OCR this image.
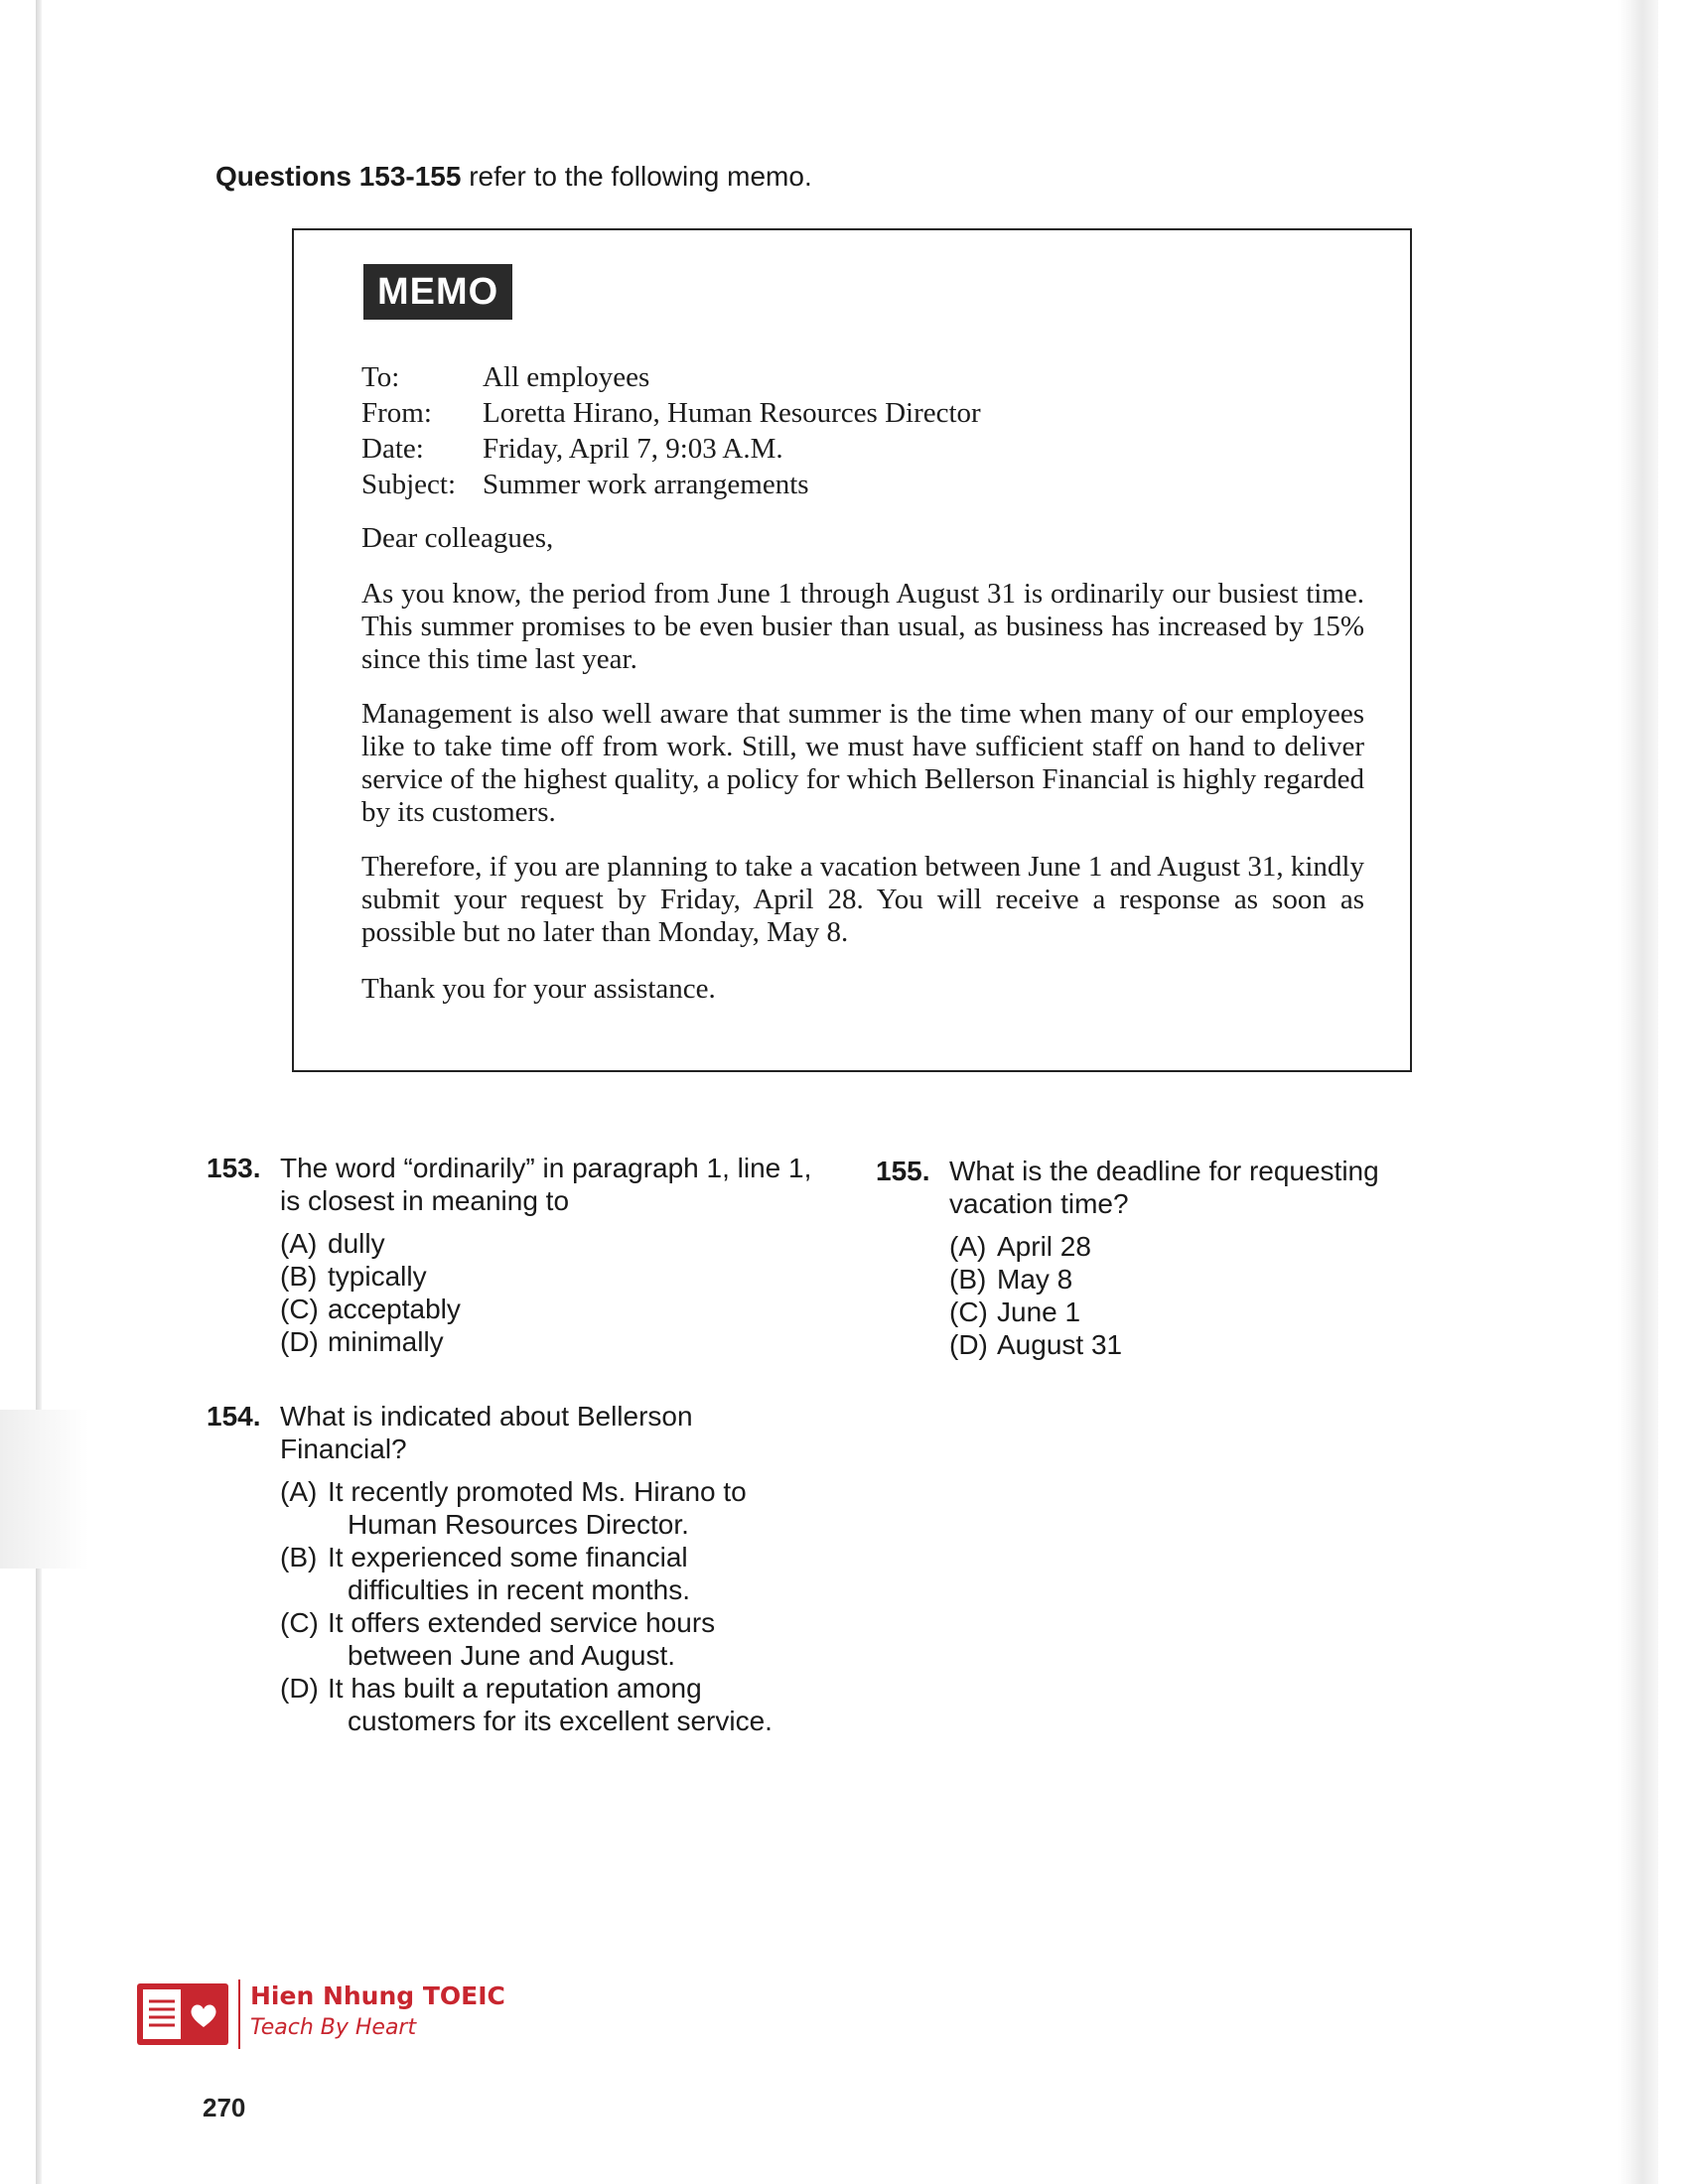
Questions 153-155 refer to the following memo.
MEMO
To:	All employees
From:	Loretta Hirano, Human Resources Director
Date:	Friday, April 7, 9:03 A.M.
Subject: Summer work arrangements
Dear colleagues,
As you know, the period from June 1 through August 31 is ordinarily our busiest time. This summer promises to be even busier than usual, as business has increased by 15% since this time last year.
Management is also well aware that summer is the time when many of our employees like to take time off from work. Still, we must have sufficient staff on hand to deliver service of the highest quality, a policy for which Bellerson Financial is highly regarded by its customers.
Therefore, if you are planning to take a vacation between June 1 and August 31, kindly submit your request by Friday, April 28. You will receive a response as soon as possible but no later than Monday, May 8.
Thank you for your assistance.
153. The word “ordinarily” in paragraph 1, line 1, is closest in meaning to
(A) dully
(B) typically
(C) acceptably
(D) minimally
154. What is indicated about Bellerson Financial?
(A) It recently promoted Ms. Hirano to
Human Resources Director.
(B) It experienced some financial
difficulties in recent months.
(C) It offers extended service hours
between June and August.
(D) It has built a reputation among
customers for its excellent service.
155. What is the deadline for requesting vacation time?
(A) April 28
(B) May 8
(C) June 1
(D) August 31
Hien Nhung TOEIC
Teach By Heart
270
